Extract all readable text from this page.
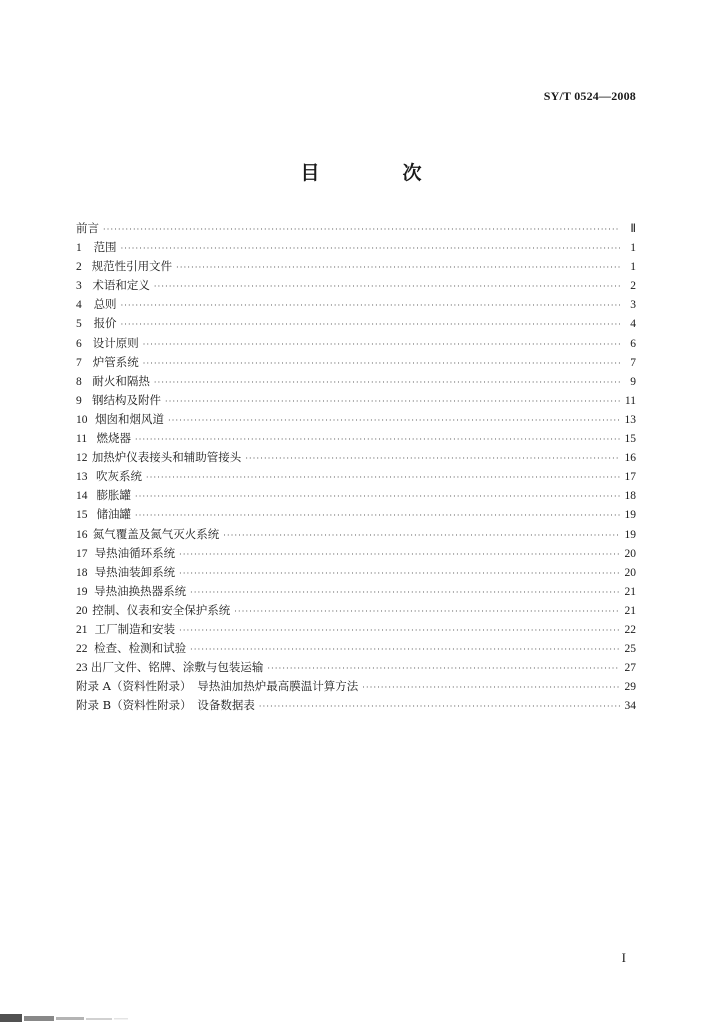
SY/T 0524—2008
目　次
前言 ·····	Ⅱ
1	范围 ·····	1
2 规范性引用文件 ·····	1
3 术语和定义 ·····	2
4	总则 ·····	3
5	报价 ·····	4
6 设计原则 ·····	6
7 炉管系统 ·····	7
8 耐火和隔热 ·····	9
9 钢结构及附件 ·····	11
10 烟囱和烟风道 ·····	13
11 燃烧器 ·····	15
12 加热炉仪表接头和辅助管接头 ·····	16
13 吹灰系统 ·····	17
14 膨胀罐 ·····	18
15 储油罐 ·····	19
16 氮气覆盖及氮气灭火系统 ·····	19
17 导热油循环系统 ·····	20
18 导热油装卸系统 ·····	20
19 导热油换热器系统 ·····	21
20 控制、仪表和安全保护系统 ·····	21
21 工厂制造和安装 ·····	22
22 检查、检测和试验 ·····	25
23 出厂文件、铭牌、涂敷与包装运输 ·····	27
附录 A（资料性附录）　导热油加热炉最高膜温计算方法 ·····	29
附录 B（资料性附录）　设备数据表 ·····	34
I
